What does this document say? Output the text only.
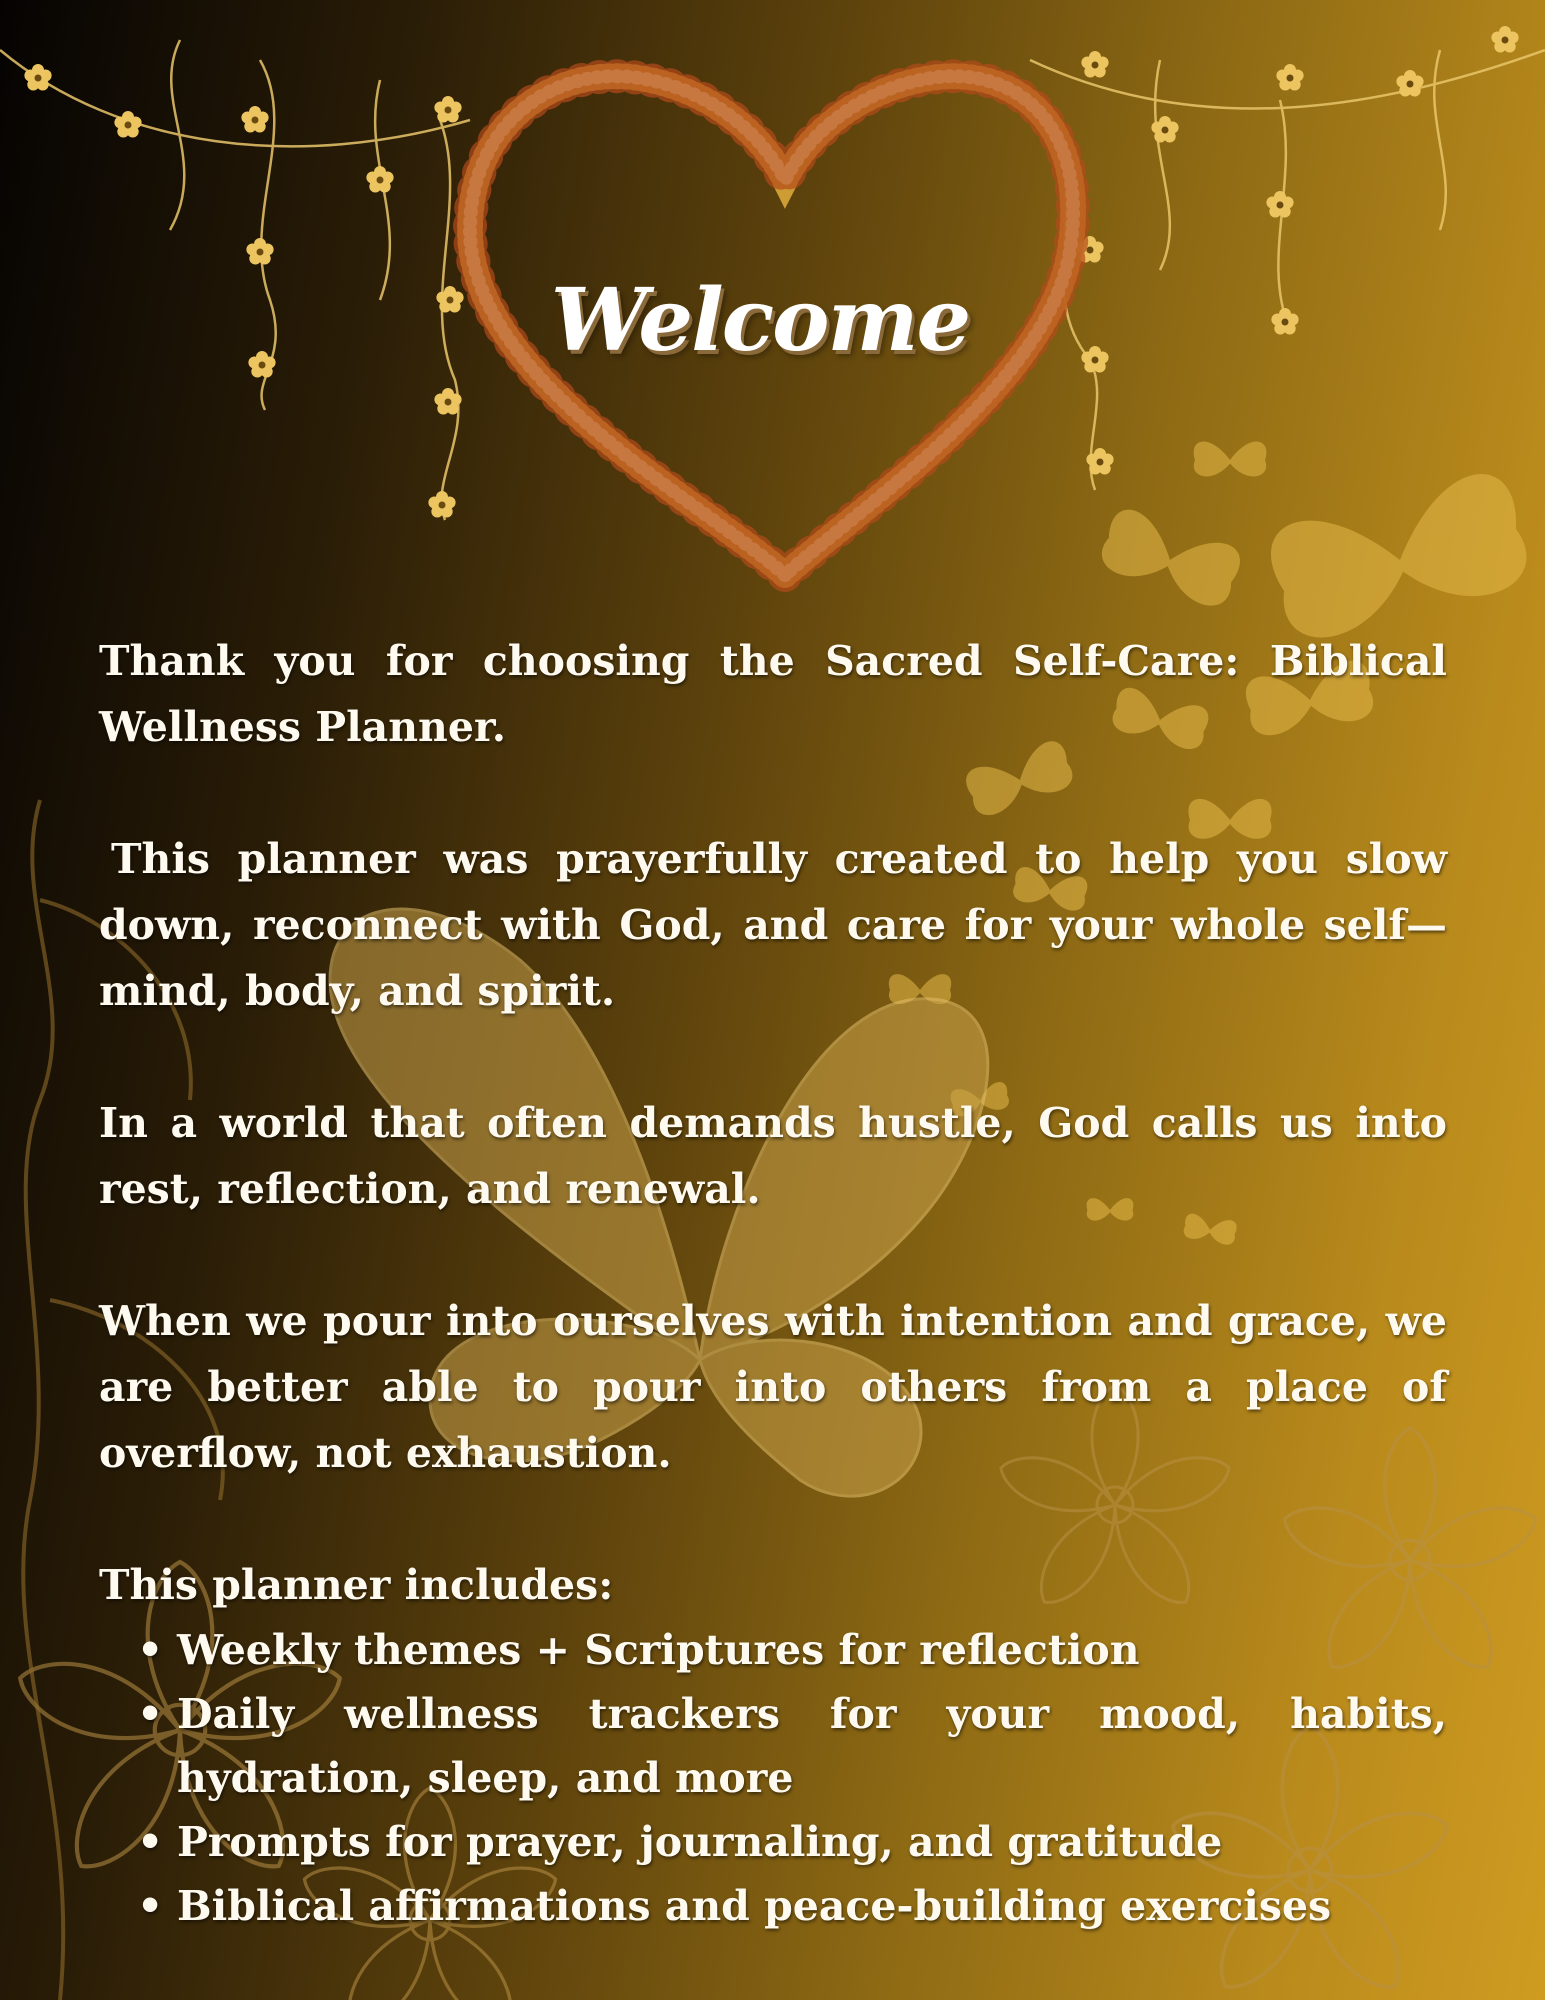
Welcome

Thank you for choosing the Sacred Self-Care: Biblical Wellness Planner.

This planner was prayerfully created to help you slow down, reconnect with God, and care for your whole self—mind, body, and spirit.

In a world that often demands hustle, God calls us into rest, reflection, and renewal.

When we pour into ourselves with intention and grace, we are better able to pour into others from a place of overflow, not exhaustion.

This planner includes:
• Weekly themes + Scriptures for reflection
• Daily wellness trackers for your mood, habits, hydration, sleep, and more
• Prompts for prayer, journaling, and gratitude
• Biblical affirmations and peace-building exercises
